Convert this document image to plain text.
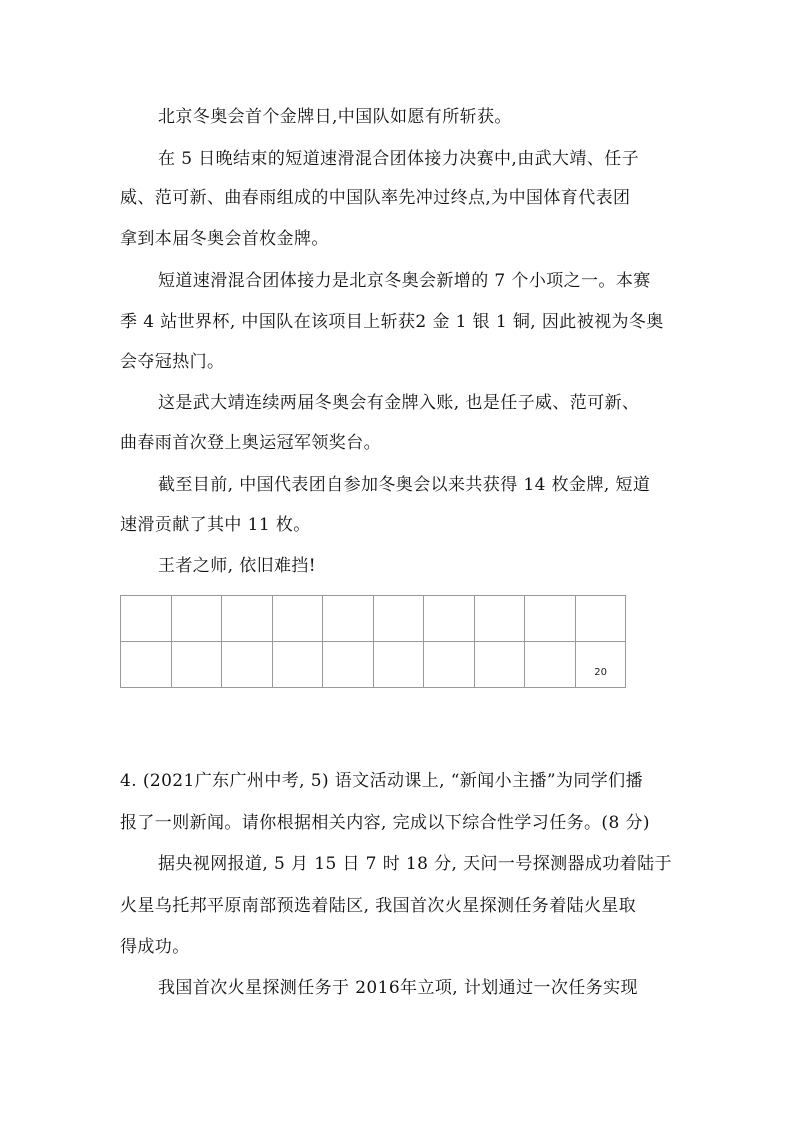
北京冬奥会首个金牌日,中国队如愿有所斩获。
在 5 日晚结束的短道速滑混合团体接力决赛中,由武大靖、任子
威、范可新、曲春雨组成的中国队率先冲过终点,为中国体育代表团
拿到本届冬奥会首枚金牌。
短道速滑混合团体接力是北京冬奥会新增的 7 个小项之一。本赛
季 4 站世界杯, 中国队在该项目上斩获2 金 1 银 1 铜, 因此被视为冬奥
会夺冠热门。
这是武大靖连续两届冬奥会有金牌入账, 也是任子威、范可新、
曲春雨首次登上奥运冠军领奖台。
截至目前, 中国代表团自参加冬奥会以来共获得 14 枚金牌, 短道
速滑贡献了其中 11 枚。
王者之师, 依旧难挡!
20
4. (2021广东广州中考, 5) 语文活动课上, “新闻小主播”为同学们播
报了一则新闻。请你根据相关内容, 完成以下综合性学习任务。(8 分)
据央视网报道, 5 月 15 日 7 时 18 分, 天问一号探测器成功着陆于
火星乌托邦平原南部预选着陆区, 我国首次火星探测任务着陆火星取
得成功。
我国首次火星探测任务于 2016年立项, 计划通过一次任务实现
